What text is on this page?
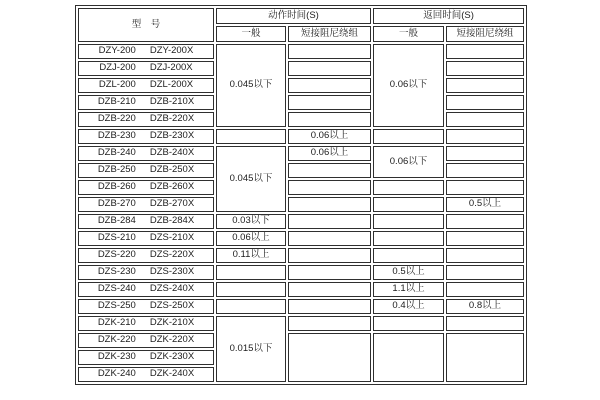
型　号	动作时间(S)		返回时间(S)	
	一般	短接阻尼绕组	一般	短接阻尼绕组
DZY-200 DZY-200X	0.045以下		0.06以下	
DZJ-200 DZJ-200X				
DZL-200 DZL-200X				
DZB-210 DZB-210X				
DZB-220 DZB-220X				
DZB-230 DZB-230X		0.06以上		
DZB-240 DZB-240X	0.045以下	0.06以上	0.06以下	
DZB-250 DZB-250X				
DZB-260 DZB-260X				
DZB-270 DZB-270X				0.5以上
DZB-284 DZB-284X	0.03以下			
DZS-210 DZS-210X	0.06以上			
DZS-220 DZS-220X	0.11以上			
DZS-230 DZS-230X			0.5以上	
DZS-240 DZS-240X			1.1以上	
DZS-250 DZS-250X			0.4以上	0.8以上
DZK-210 DZK-210X	0.015以下			
DZK-220 DZK-220X				
DZK-230 DZK-230X				
DZK-240 DZK-240X				
